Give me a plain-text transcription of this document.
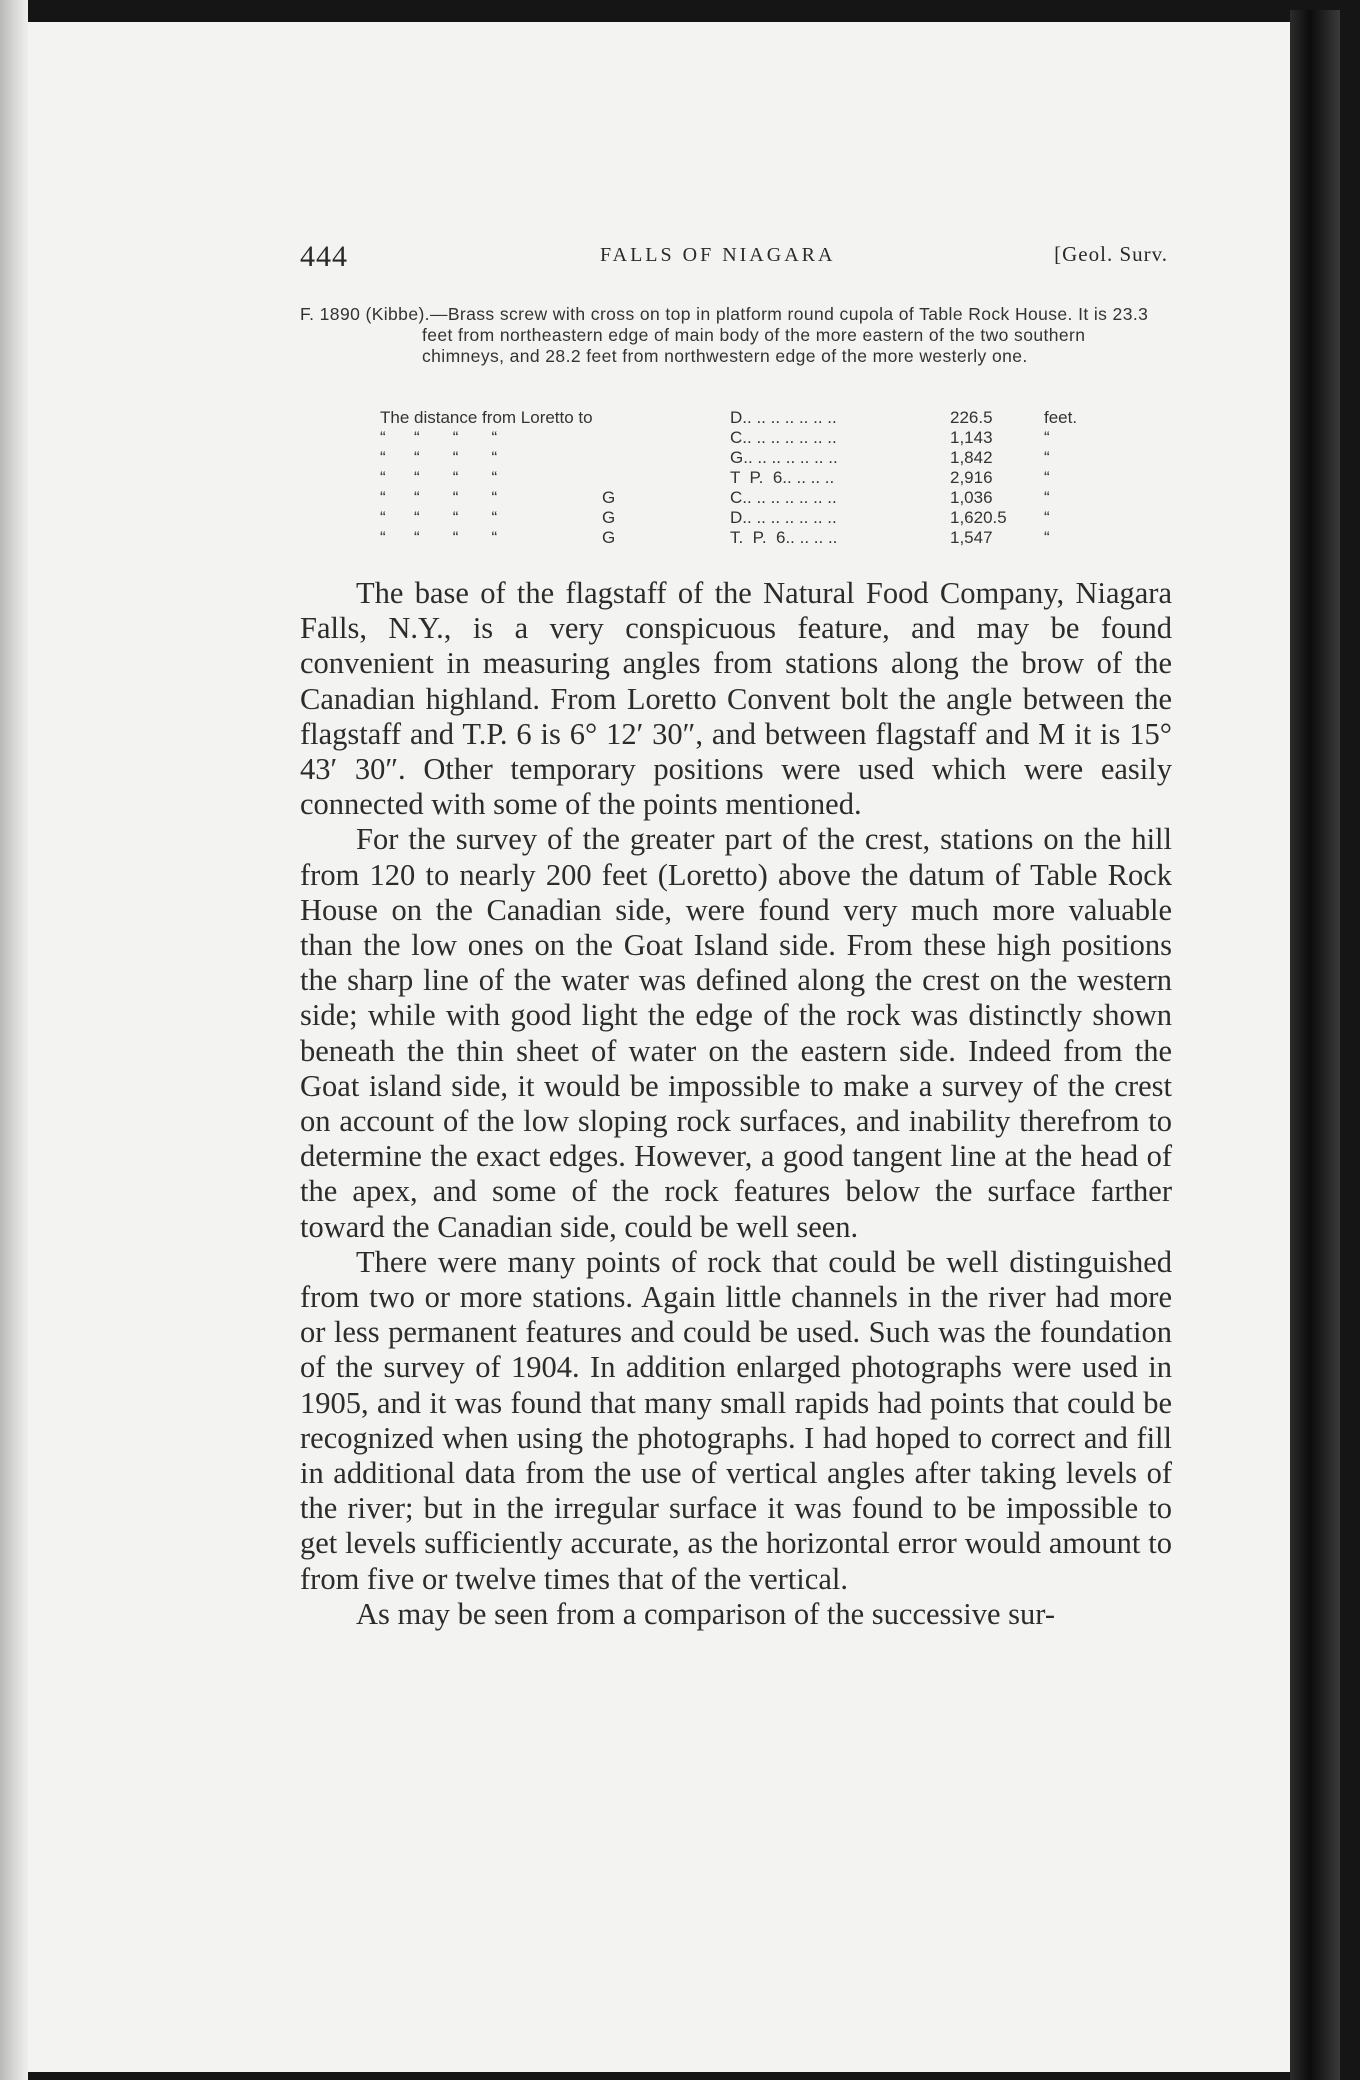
444	FALLS OF NIAGARA	[Geol. Surv.
F. 1890 (Kibbe).—Brass screw with cross on top in platform round cupola of Table Rock House. It is 23.3 feet from northeastern edge of main body of the more eastern of the two southern chimneys, and 28.2 feet from northwestern edge of the more westerly one.
The distance from Loretto to	D.. .. .. .. .. .. ..	226.5	feet.
“      “       “       “	C.. .. .. .. .. .. ..	1,143	“
“      “       “       “	G.. .. .. .. .. .. ..	1,842	“
“      “       “       “	T  P.  6.. .. .. ..	2,916	“
“      “       “       “	G	C.. .. .. .. .. .. ..	1,036	“
“      “       “       “	G	D.. .. .. .. .. .. ..	1,620.5 “
“      “       “       “	G	T.  P.  6.. .. .. ..	1,547	“

The base of the flagstaff of the Natural Food Company, Niagara Falls, N.Y., is a very conspicuous feature, and may be found convenient in measuring angles from stations along the brow of the Canadian highland. From Loretto Convent bolt the angle between the flagstaff and T.P. 6 is 6° 12′ 30″, and between flagstaff and M it is 15° 43′ 30″. Other temporary positions were used which were easily connected with some of the points mentioned.

For the survey of the greater part of the crest, stations on the hill from 120 to nearly 200 feet (Loretto) above the datum of Table Rock House on the Canadian side, were found very much more valuable than the low ones on the Goat Island side. From these high positions the sharp line of the water was defined along the crest on the western side; while with good light the edge of the rock was distinctly shown beneath the thin sheet of water on the eastern side. Indeed from the Goat island side, it would be impossible to make a survey of the crest on account of the low sloping rock surfaces, and inability therefrom to determine the exact edges. However, a good tangent line at the head of the apex, and some of the rock features below the surface farther toward the Canadian side, could be well seen.

There were many points of rock that could be well distinguished from two or more stations. Again little channels in the river had more or less permanent features and could be used. Such was the foundation of the survey of 1904. In addition enlarged photographs were used in 1905, and it was found that many small rapids had points that could be recognized when using the photographs. I had hoped to correct and fill in additional data from the use of vertical angles after taking levels of the river; but in the irregular surface it was found to be impossible to get levels sufficiently accurate, as the horizontal error would amount to from five or twelve times that of the vertical.

As may be seen from a comparison of the successive sur-
